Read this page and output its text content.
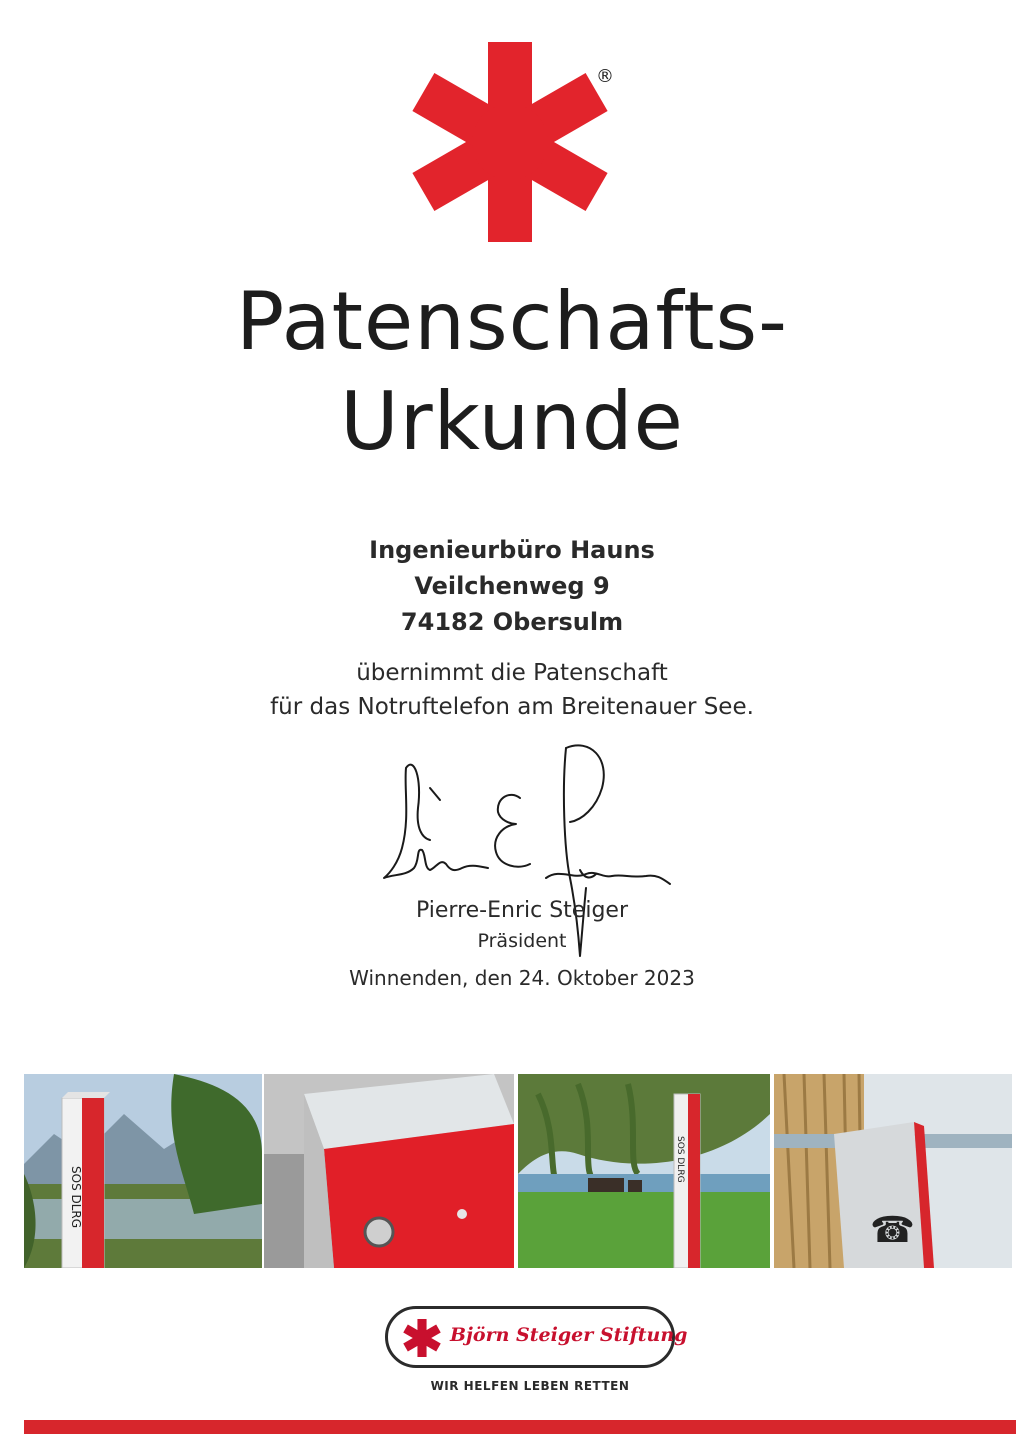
®
Patenschafts-
Urkunde
Ingenieurbüro Hauns
Veilchenweg 9
74182 Obersulm
übernimmt die Patenschaft
für das Notruftelefon am Breitenauer See.
Pierre-Enric Steiger
Präsident
Winnenden, den 24. Oktober 2023
SOS DLRG
SOS DLRG
☎
Björn Steiger Stiftung
WIR HELFEN LEBEN RETTEN
